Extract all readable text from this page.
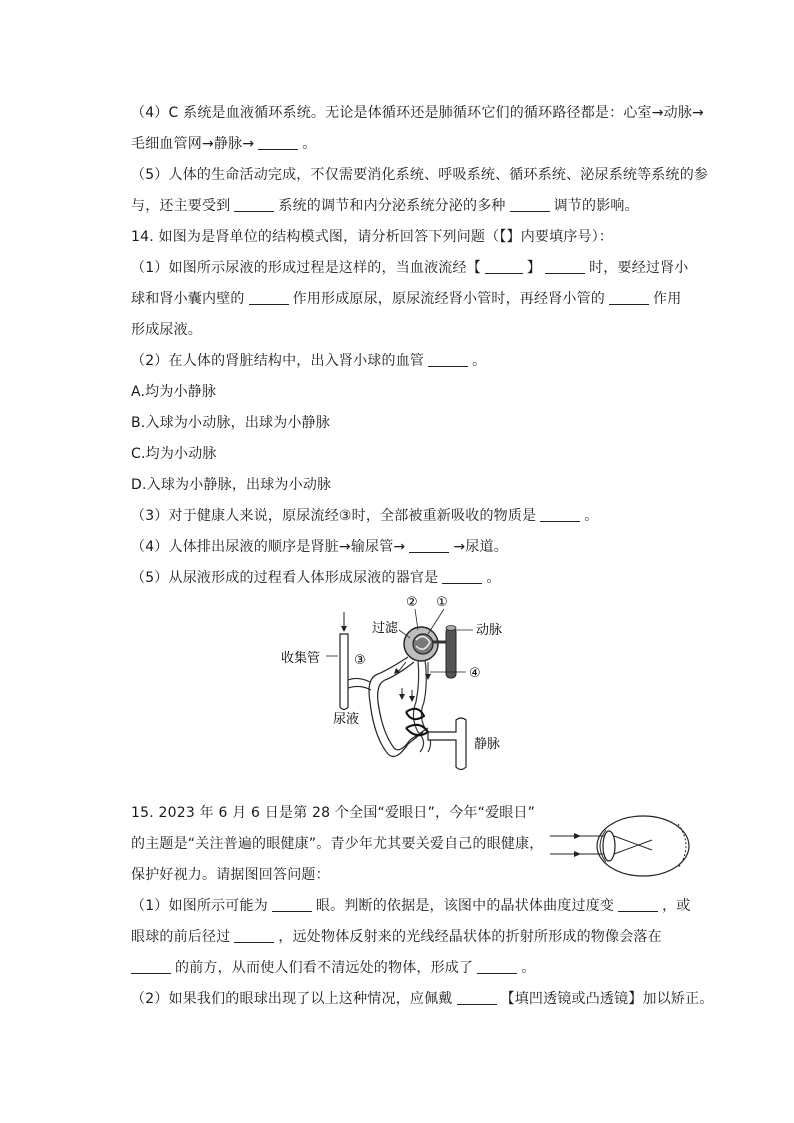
（4）C 系统是血液循环系统。无论是体循环还是肺循环它们的循环路径都是：心室→动脉→
毛细血管网→静脉→	。
（5）人体的生命活动完成，不仅需要消化系统、呼吸系统、循环系统、泌尿系统等系统的参
与，还主要受到	系统的调节和内分泌系统分泌的多种	调节的影响。
14. 如图为是肾单位的结构模式图，请分析回答下列问题（【】内要填序号）：
（1）如图所示尿液的形成过程是这样的，当血液流经【	】	时，要经过肾小
球和肾小囊内壁的	作用形成原尿，原尿流经肾小管时，再经肾小管的	作用
形成尿液。
（2）在人体的肾脏结构中，出入肾小球的血管	。
A.均为小静脉
B.入球为小动脉，出球为小静脉
C.均为小动脉
D.入球为小静脉，出球为小动脉
（3）对于健康人来说，原尿流经③时，全部被重新吸收的物质是	。
（4）人体排出尿液的顺序是肾脏→输尿管→	→尿道。
（5）从尿液形成的过程看人体形成尿液的器官是	。
② ①
过滤	动脉
收集管	③
④
尿液
静脉
15. 2023 年 6 月 6 日是第 28 个全国“爱眼日”，今年“爱眼日”
的主题是“关注普遍的眼健康”。青少年尤其要关爱自己的眼健康，
保护好视力。请据图回答问题：
（1）如图所示可能为	眼。判断的依据是，该图中的晶状体曲度过度变	，或
眼球的前后径过	，远处物体反射来的光线经晶状体的折射所形成的物像会落在
的前方，从而使人们看不清远处的物体，形成了	。
（2）如果我们的眼球出现了以上这种情况，应佩戴	【填凹透镜或凸透镜】加以矫正。
